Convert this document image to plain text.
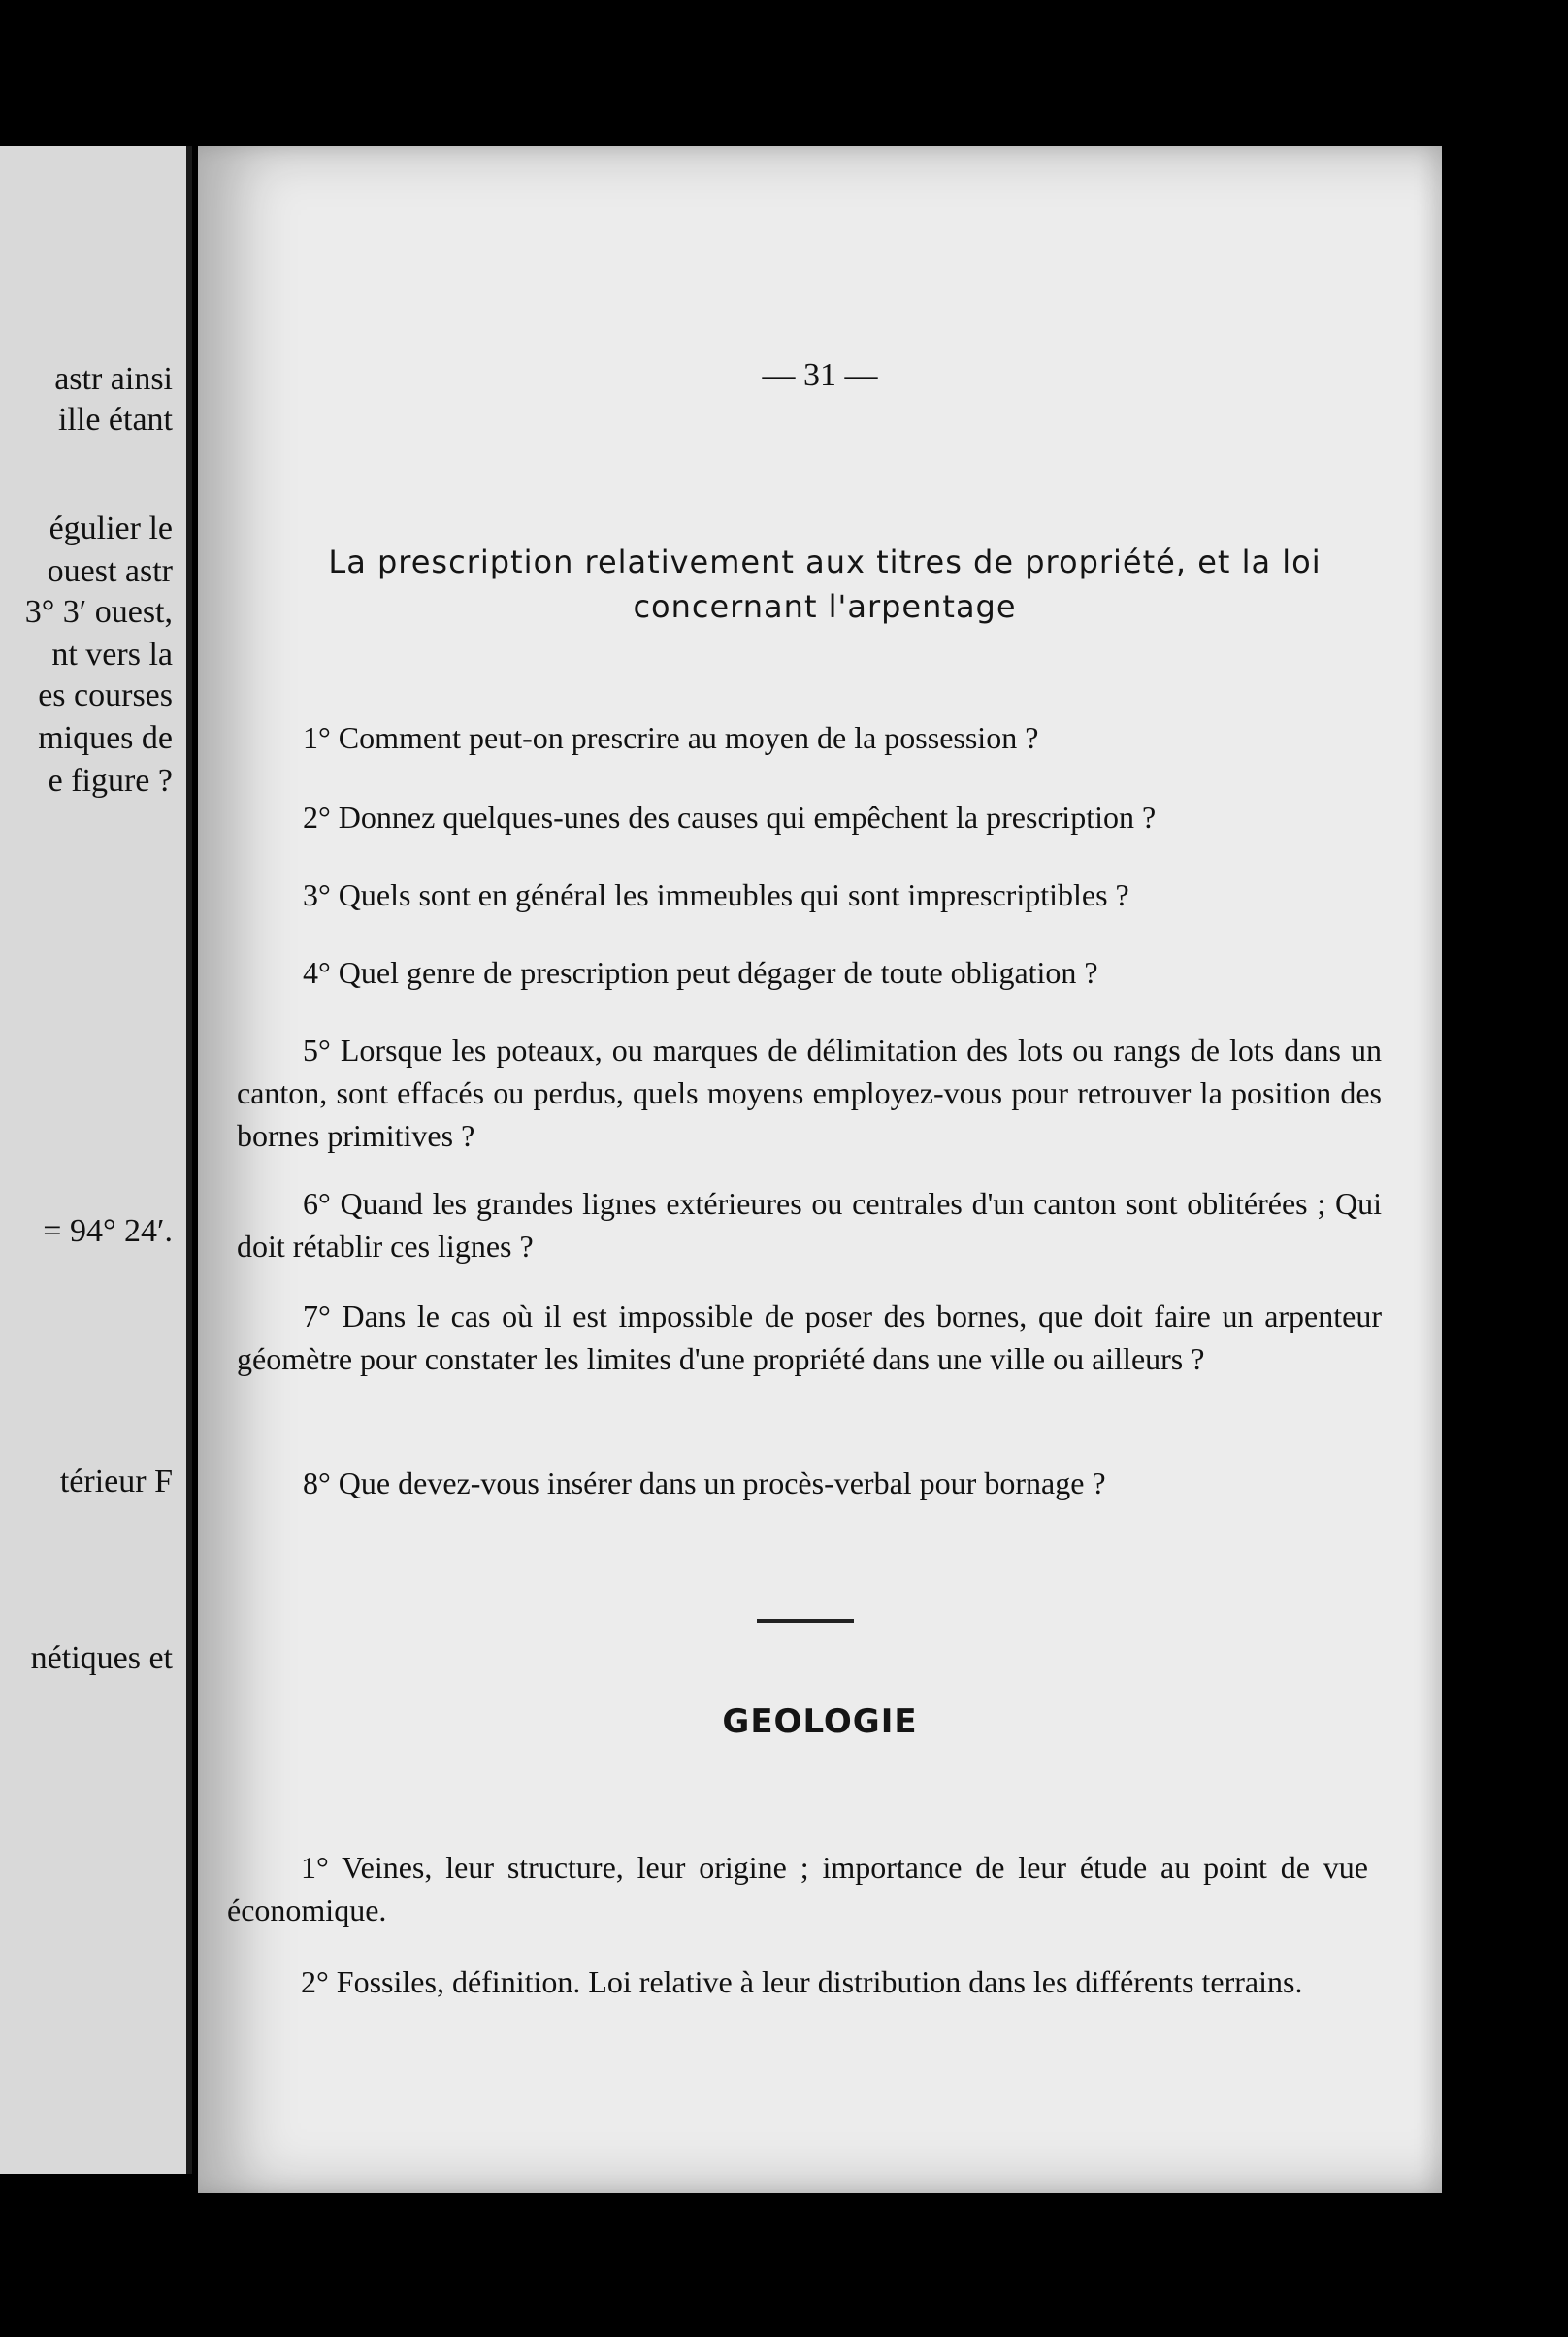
astr ainsi
ille étant
égulier le
ouest astr
3° 3′ ouest,
nt vers la
es courses
miques de
e figure ?
= 94° 24′.
térieur F
nétiques et
— 31 —
La prescription relativement aux titres de propriété, et la loi concernant l'arpentage
1° Comment peut-on prescrire au moyen de la possession ?
2° Donnez quelques-unes des causes qui empêchent la prescription ?
3° Quels sont en général les immeubles qui sont imprescriptibles ?
4° Quel genre de prescription peut dégager de toute obligation ?
5° Lorsque les poteaux, ou marques de délimitation des lots ou rangs de lots dans un canton, sont effacés ou perdus, quels moyens employez-vous pour retrouver la position des bornes primitives ?
6° Quand les grandes lignes extérieures ou centrales d'un canton sont oblitérées ; Qui doit rétablir ces lignes ?
7° Dans le cas où il est impossible de poser des bornes, que doit faire un arpenteur géomètre pour constater les limites d'une propriété dans une ville ou ailleurs ?
8° Que devez-vous insérer dans un procès-verbal pour bornage ?
GEOLOGIE
1° Veines, leur structure, leur origine ; importance de leur étude au point de vue économique.
2° Fossiles, définition. Loi relative à leur distribution dans les différents terrains.
